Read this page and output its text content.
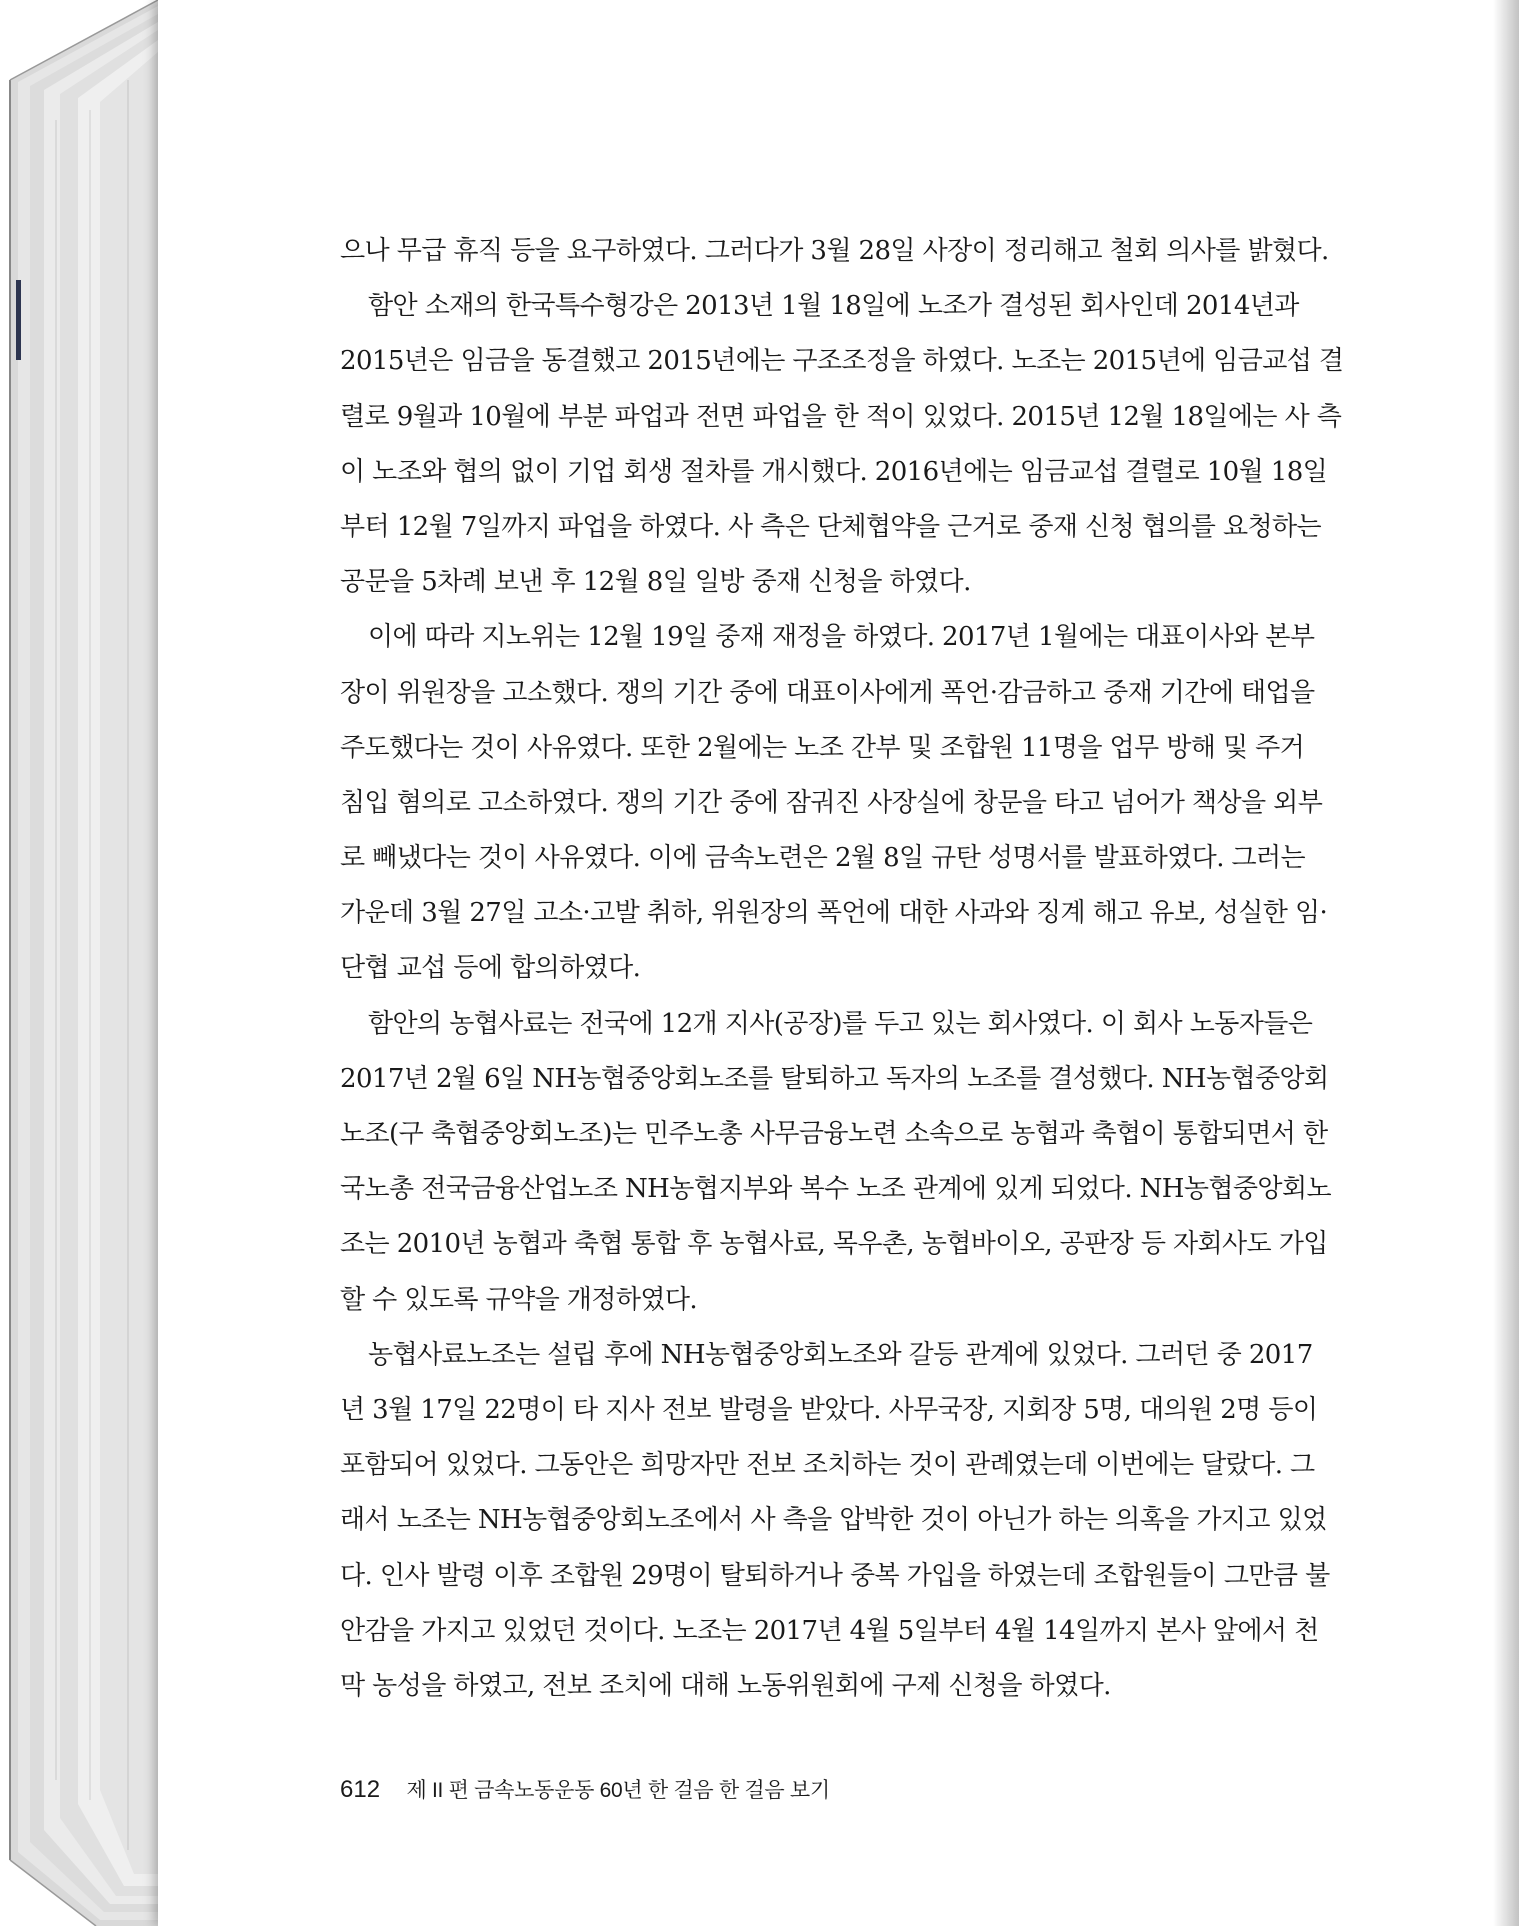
으나 무급 휴직 등을 요구하였다. 그러다가 3월 28일 사장이 정리해고 철회 의사를 밝혔다.
함안 소재의 한국특수형강은 2013년 1월 18일에 노조가 결성된 회사인데 2014년과
2015년은 임금을 동결했고 2015년에는 구조조정을 하였다. 노조는 2015년에 임금교섭 결
렬로 9월과 10월에 부분 파업과 전면 파업을 한 적이 있었다. 2015년 12월 18일에는 사 측
이 노조와 협의 없이 기업 회생 절차를 개시했다. 2016년에는 임금교섭 결렬로 10월 18일
부터 12월 7일까지 파업을 하였다. 사 측은 단체협약을 근거로 중재 신청 협의를 요청하는
공문을 5차례 보낸 후 12월 8일 일방 중재 신청을 하였다.
이에 따라 지노위는 12월 19일 중재 재정을 하였다. 2017년 1월에는 대표이사와 본부
장이 위원장을 고소했다. 쟁의 기간 중에 대표이사에게 폭언·감금하고 중재 기간에 태업을
주도했다는 것이 사유였다. 또한 2월에는 노조 간부 및 조합원 11명을 업무 방해 및 주거
침입 혐의로 고소하였다. 쟁의 기간 중에 잠궈진 사장실에 창문을 타고 넘어가 책상을 외부
로 빼냈다는 것이 사유였다. 이에 금속노련은 2월 8일 규탄 성명서를 발표하였다. 그러는
가운데 3월 27일 고소·고발 취하, 위원장의 폭언에 대한 사과와 징계 해고 유보, 성실한 임·
단협 교섭 등에 합의하였다.
함안의 농협사료는 전국에 12개 지사(공장)를 두고 있는 회사였다. 이 회사 노동자들은
2017년 2월 6일 NH농협중앙회노조를 탈퇴하고 독자의 노조를 결성했다. NH농협중앙회
노조(구 축협중앙회노조)는 민주노총 사무금융노련 소속으로 농협과 축협이 통합되면서 한
국노총 전국금융산업노조 NH농협지부와 복수 노조 관계에 있게 되었다. NH농협중앙회노
조는 2010년 농협과 축협 통합 후 농협사료, 목우촌, 농협바이오, 공판장 등 자회사도 가입
할 수 있도록 규약을 개정하였다.
농협사료노조는 설립 후에 NH농협중앙회노조와 갈등 관계에 있었다. 그러던 중 2017
년 3월 17일 22명이 타 지사 전보 발령을 받았다. 사무국장, 지회장 5명, 대의원 2명 등이
포함되어 있었다. 그동안은 희망자만 전보 조치하는 것이 관례였는데 이번에는 달랐다. 그
래서 노조는 NH농협중앙회노조에서 사 측을 압박한 것이 아닌가 하는 의혹을 가지고 있었
다. 인사 발령 이후 조합원 29명이 탈퇴하거나 중복 가입을 하였는데 조합원들이 그만큼 불
안감을 가지고 있었던 것이다. 노조는 2017년 4월 5일부터 4월 14일까지 본사 앞에서 천
막 농성을 하였고, 전보 조치에 대해 노동위원회에 구제 신청을 하였다.
612 제 II 편 금속노동운동 60년 한 걸음 한 걸음 보기
